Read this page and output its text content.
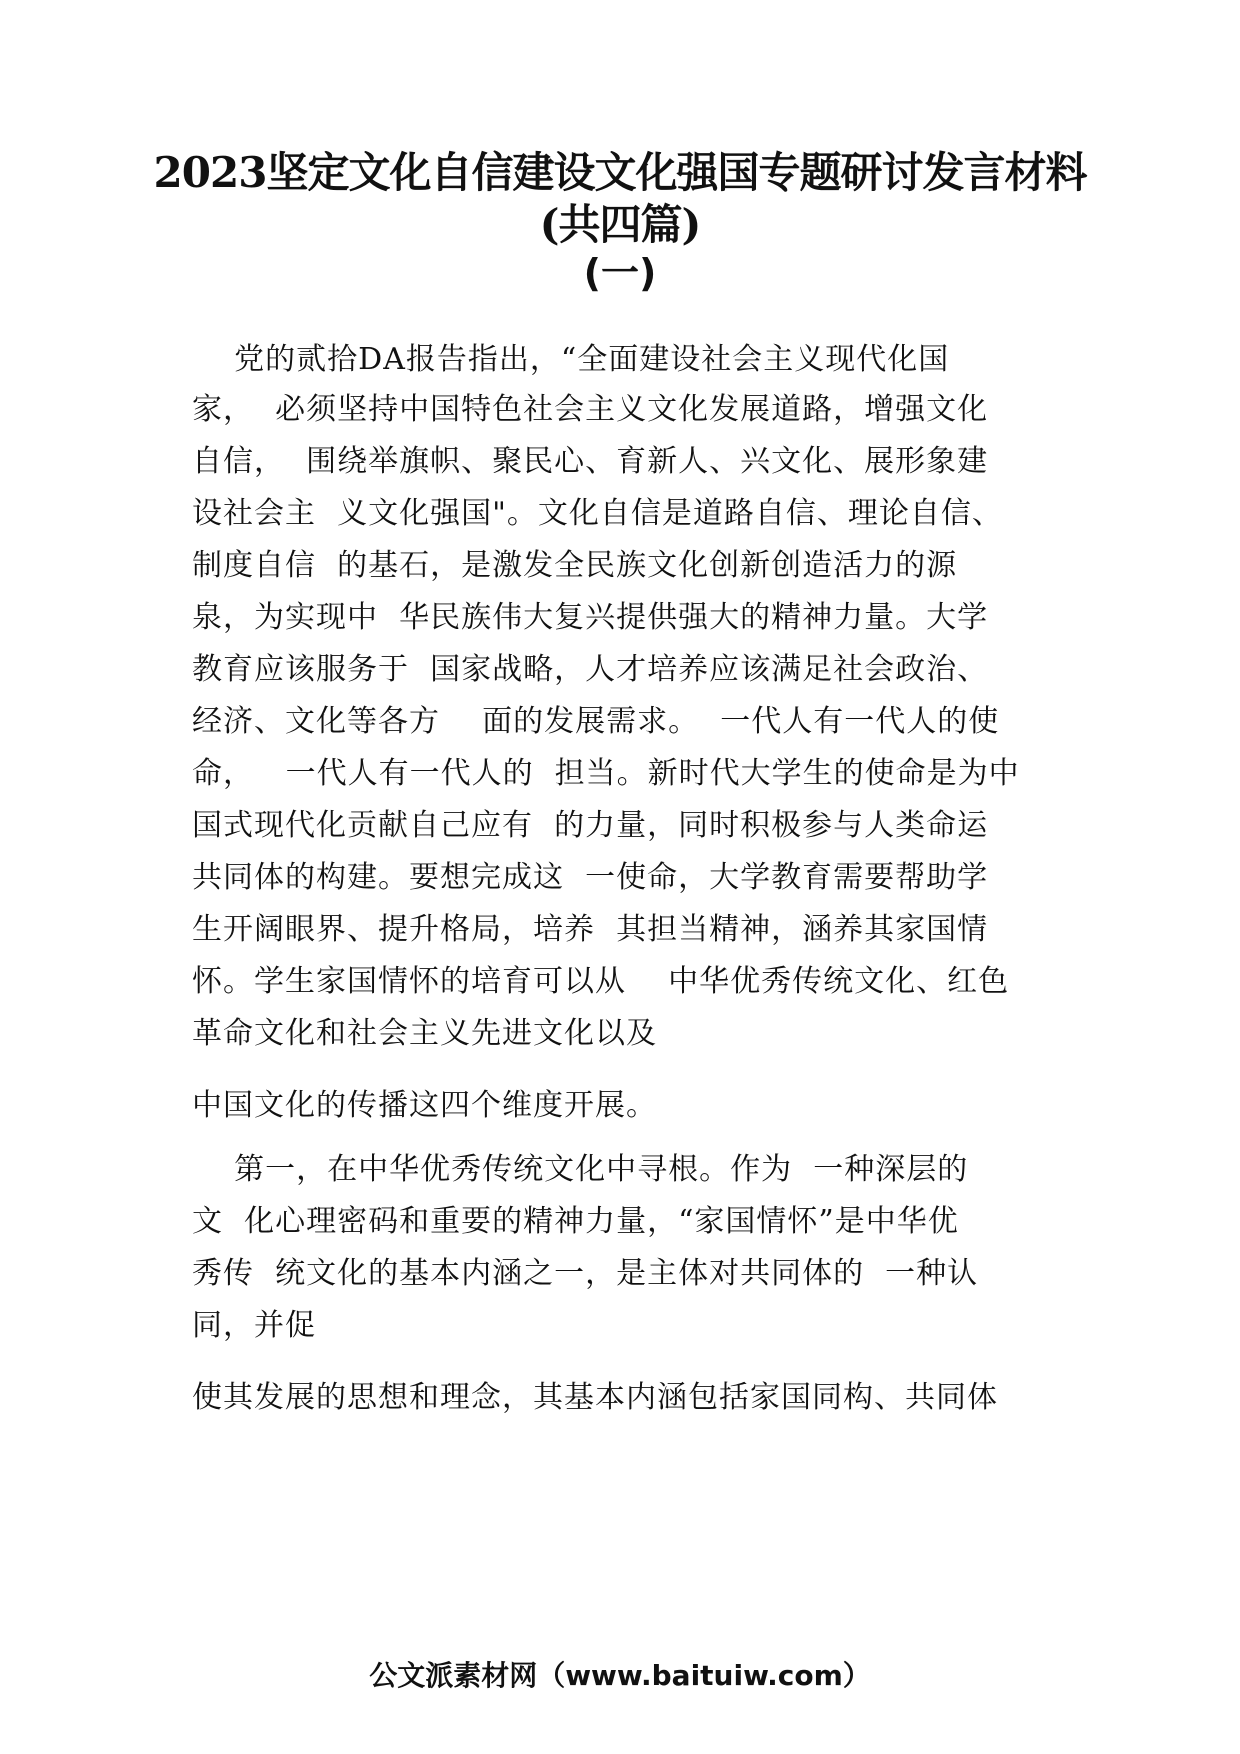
2023坚定文化自信建设文化强国专题研讨发言材料
(共四篇)
(一)
党的贰拾DA报告指出，“全面建设社会主义现代化国
家，  必须坚持中国特色社会主义文化发展道路，增强文化
自信，  围绕举旗帜、聚民心、育新人、兴文化、展形象建
设社会主  义文化强国"。文化自信是道路自信、理论自信、
制度自信  的基石，是激发全民族文化创新创造活力的源
泉，为实现中  华民族伟大复兴提供强大的精神力量。大学
教育应该服务于  国家战略，人才培养应该满足社会政治、
经济、文化等各方    面的发展需求。  一代人有一代人的使
命，   一代人有一代人的  担当。新时代大学生的使命是为中
国式现代化贡献自己应有  的力量，同时积极参与人类命运
共同体的构建。要想完成这  一使命，大学教育需要帮助学
生开阔眼界、提升格局，培养  其担当精神，涵养其家国情
怀。学生家国情怀的培育可以从    中华优秀传统文化、红色
革命文化和社会主义先进文化以及
中国文化的传播这四个维度开展。
第一，在中华优秀传统文化中寻根。作为  一种深层的
文  化心理密码和重要的精神力量，“家国情怀”是中华优
秀传  统文化的基本内涵之一，是主体对共同体的  一种认
同，并促
使其发展的思想和理念，其基本内涵包括家国同构、共同体
公文派素材网（www.baituiw.com）
